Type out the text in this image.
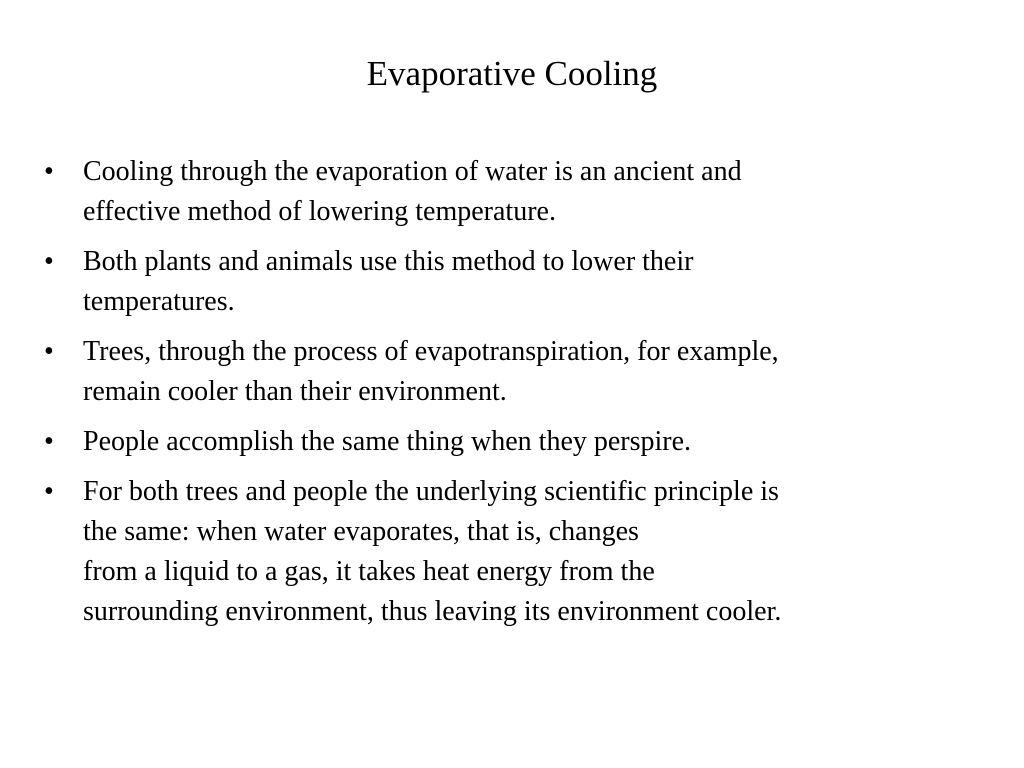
Evaporative Cooling
•	Cooling through the evaporation of water is an ancient and
effective method of lowering temperature.
•	Both plants and animals use this method to lower their
temperatures.
•	Trees, through the process of evapotranspiration, for example,
remain cooler than their environment.
•	People accomplish the same thing when they perspire.
•	For both trees and people the underlying scientific principle is
the same: when water evaporates, that is, changes
from a liquid to a gas, it takes heat energy from the
surrounding environment, thus leaving its environment cooler.
